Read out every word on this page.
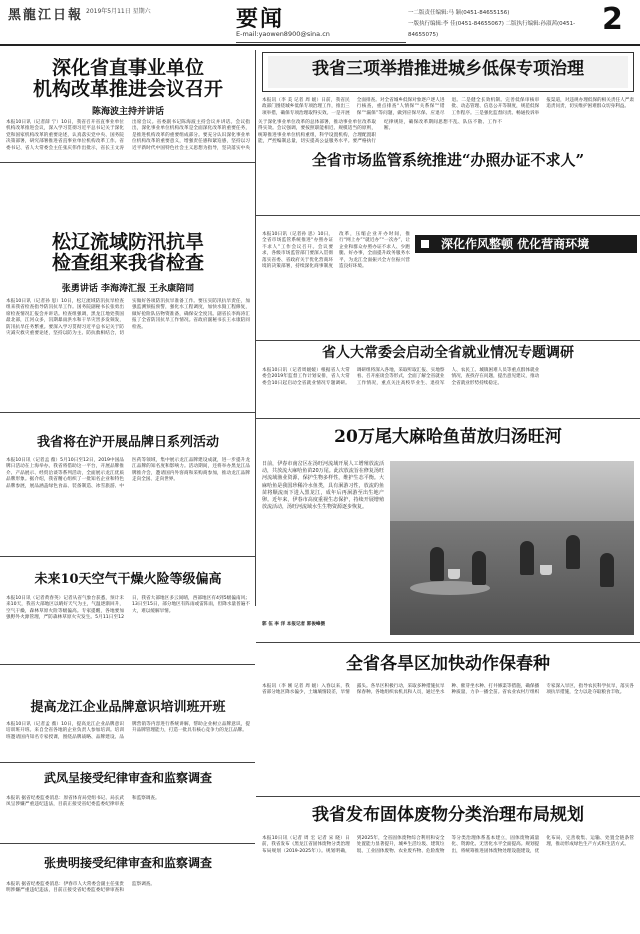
黑龍江日報 2019年5月11日 星期六	要闻
E-mail:yaowen8900@sina.cn
一二版责任编辑:马 颖(0451-84655156)
一版执行编辑:李 佳(0451-84655067) 二版执行编辑:孙淑茜(0451-84655075)	2
深化省直事业单位
机构改革推进会议召开
陈海波主持并讲话
本报10日讯（记者薛 宁）10日，我省召开省直事业单位机构改革推进会议，深入学习贯彻习近平总书记关于深化党和国家机构改革的重要论述，认真落实党中央、国务院决策部署，研究部署推进省直事业单位机构改革工作。省委书记、省人大常委会主任张庆伟作出批示，省长王文涛出席会议。省委副书记陈海波主持会议并讲话。会议指出，深化事业单位机构改革是全面深化改革的重要任务，是推进机构改革的重要组成部分。要充分认识深化事业单位机构改革的重要意义，增强责任感和紧迫感，坚持以习近平新时代中国特色社会主义思想为指导，坚决落实中央关于深化事业单位改革的总体部署，推动事业单位改革取得实效。会议强调，要按照职能相近、规模适当的原则，统筹推进事业单位机构重组，科学设置机构，合理配置职能，严控编制总量，切实提高公益服务水平。要严格执行纪律规矩，确保改革期间思想不乱、队伍不散、工作不断。
松辽流域防汛抗旱
检查组来我省检查
张勇讲话 李海涛汇报 王永康陪同
本报10日讯（记者孙 思）10日，松辽流域防汛抗旱检查组来我省检查指导防汛抗旱工作。国务院副秘书长张勇出席检查情况汇报会并讲话。检查组强调，黑龙江地处我国最北部，江河众多，汛期暴雨洪水和干旱灾害多发频发，防汛抗旱任务繁重。要深入学习贯彻习近平总书记关于防灾减灾救灾重要论述，坚持以防为主、防抗救相结合，切实做好各项防汛抗旱准备工作。要压实防汛抗旱责任，加强监测预报预警，强化水工程调度，加快水毁工程修复，做好抢险队伍物资准备，确保安全度汛。副省长李海涛汇报了全省防汛抗旱工作情况。省政府副秘书长王永康陪同检查。
我省将在沪开展品牌日系列活动
本报10日讯（记者孟 薇）5月10日至12日，2019中国品牌日活动在上海举办。我省将借助这一平台，开展品牌推介、产品展示、经贸洽谈等系列活动，全面展示龙江优质品牌形象。据介绍，我省精心组织了一批知名企业和特色品牌参展，展品涵盖绿色食品、装备制造、冰雪旅游、中医药等领域，集中展示龙江品牌建设成就，进一步提升龙江品牌的知名度和影响力。活动期间，还将举办黑龙江品牌推介会，邀请国内外客商和采购商参加，推动龙江品牌走向全国、走向世界。
未来10天空气干燥火险等级偏高
本报10日讯（记者黄春英）记者从省气象台获悉，预计未来10天，我省大部地区以晴好天气为主，气温逐渐回升，空气干燥，森林草原火险等级偏高。专家提醒，各地要加强野外火源管理，严防森林草原火灾发生。5月11日至12日，我省大部地区多云间晴，西部地区有4到5级偏南风；13日至15日，部分地区有阵雨或雷阵雨，但降水量普遍不大，难以缓解旱情。
提高龙江企业品牌意识培训班开班
本报10日讯（记者孟 薇）10日，提高龙江企业品牌意识培训班开班。来自全省各地的企业负责人参加培训。培训班邀请国内知名专家授课，围绕品牌战略、品牌建设、品牌营销等内容进行系统讲解，帮助企业树立品牌意识，提升品牌管理能力，打造一批具有核心竞争力的龙江品牌。
武凤呈接受纪律审查和监察调查
本报讯 据省纪委监委消息：原省体育局党组书记、局长武凤呈涉嫌严重违纪违法，目前正接受省纪委监委纪律审查和监察调查。
张贵明接受纪律审查和监察调查
本报讯 据省纪委监委消息：伊春市人大常委会副主任张贵明涉嫌严重违纪违法，目前正接受省纪委监委纪律审查和监察调查。
我省三项举措推进城乡低保专项治理
本报讯（李 美 记者 周 媛）日前，我省民政部门围绕城乡低保专项治理工作，推出三项举措，确保专项治理取得实效。一是开展全面排查。对全省城乡低保对象逐户逐人进行核查，重点排查“人情保”“关系保”“错保”“漏保”等问题，做到应保尽保、应退尽退。二是健全长效机制。完善低保审核审批、动态管理、信息公开等制度，规范低保工作程序。三是强化监督问责。畅通投诉举报渠道，对违规办理低保的相关责任人严肃追责问责，切实维护困难群众切身利益。
全省市场监管系统推进“办照办证不求人”
本报10日讯（记者孙 思）10日，全省市场监管系统推进“办照办证不求人”工作会议召开。会议要求，各级市场监管部门要深入贯彻落实省委、省政府关于优化营商环境的决策部署，持续深化商事制度改革，压缩企业开办时间，推行“网上办”“就近办”“一次办”，让企业和群众办照办证不求人、少跑腿、好办事，全面提升政务服务水平，为龙江全面振兴全方位振兴营造良好环境。
深化作风整顿 优化营商环境
省人大常委会启动全省就业情况专题调研
本报10日讯（记者周媛媛）根据省人大常委会2019年监督工作计划安排，省人大常委会10日起启动全省就业情况专题调研。调研组将深入各地，采取听取汇报、实地察看、召开座谈会等形式，全面了解全省就业工作情况，重点关注高校毕业生、退役军人、农民工、城镇困难人员等重点群体就业情况，查找存在问题，提出意见建议，推动全省就业形势持续稳定。
20万尾大麻哈鱼苗放归汤旺河
日前，伊春市南岔区在汤旺河流域开展人工增殖放流活动，共放流大麻哈鱼苗20万尾。此次放流旨在修复汤旺河流域渔业资源，保护生物多样性，维护生态平衡。大麻哈鱼是我国珍稀冷水鱼类，具有洄游习性，放流的鱼苗将顺流而下进入黑龙江，成年后再洄游至出生地产卵。近年来，伊春市高度重视生态保护，持续开展增殖放流活动，汤旺河流域水生生物资源逐步恢复。
郭 伍 李 洋 本报记者 郭俊峰摄
全省各旱区加快动作保春种
本报讯（李 刚 记者 周 媛）入春以来，我省部分地区降水偏少，土壤墒情较差，旱情露头。各旱区积极行动，采取多种措施抗旱保春种。各地组织农机具和人员，通过坐水种、催芽坐水种、打井修渠等措施，确保播种质量，力争一播全苗。省农业农村厅组织专家深入旱区，指导农民科学抗旱，落实各项抗旱措施，全力以赴夺取粮食丰收。
我省发布固体废物分类治理布局规划
本报10日讯（记者 周 宏 记者 宋 晓）日前，我省发布《黑龙江省固体废物分类治理布局规划（2019-2025年）》。规划明确，到2025年，全省固体废物综合利用和安全处置能力显著提升，城乡生活垃圾、建筑垃圾、工业固体废物、农业废弃物、危险废物等分类治理体系基本建立，固体废物减量化、资源化、无害化水平全面提高。规划提出，将统筹推进固体废物处理设施建设，优化布局，完善收集、运输、处置全链条管理，推动形成绿色生产方式和生活方式。
